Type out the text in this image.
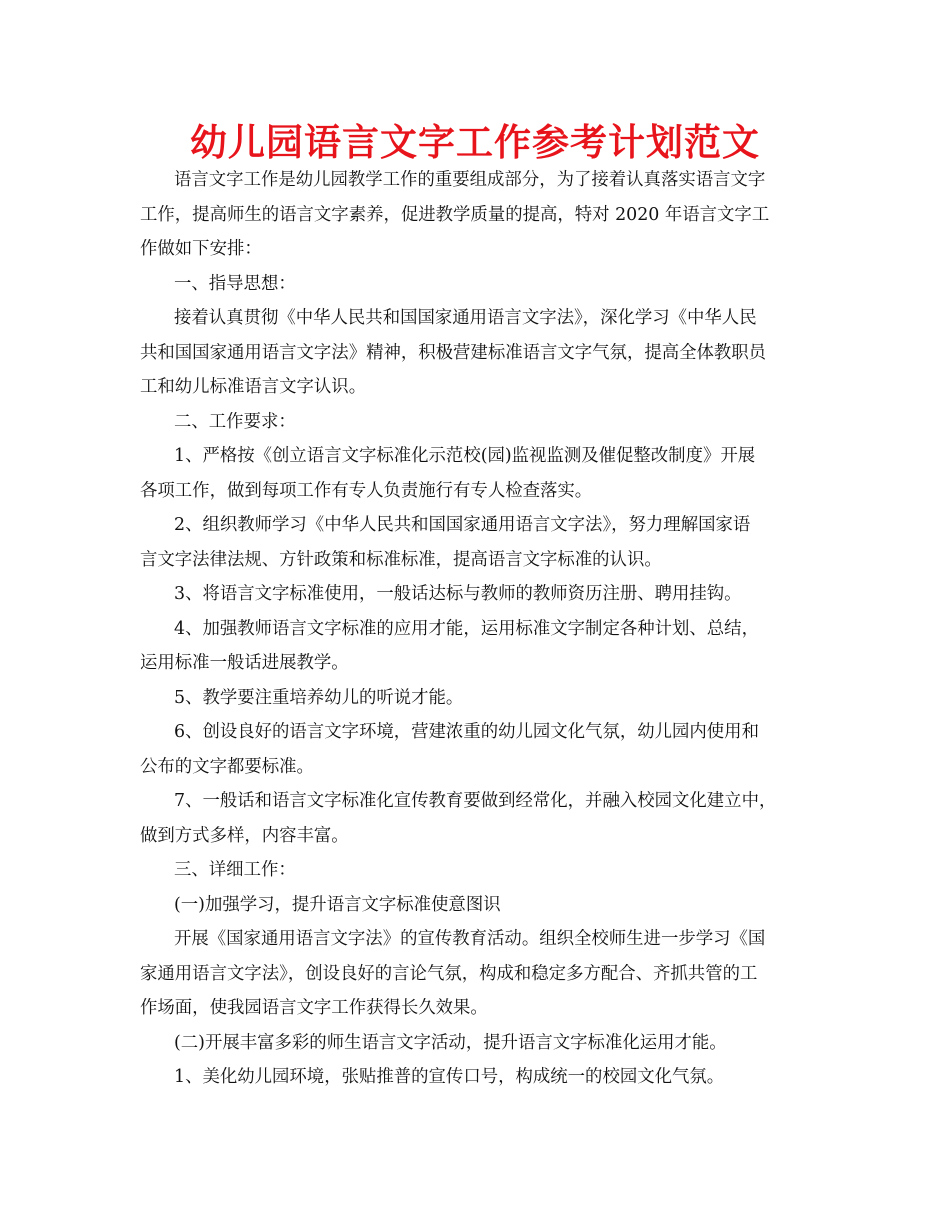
幼儿园语言文字工作参考计划范文
语言文字工作是幼儿园教学工作的重要组成部分，为了接着认真落实语言文字
工作，提高师生的语言文字素养，促进教学质量的提高，特对 2020 年语言文字工
作做如下安排：
一、指导思想：
接着认真贯彻《中华人民共和国国家通用语言文字法》，深化学习《中华人民
共和国国家通用语言文字法》精神，积极营建标准语言文字气氛，提高全体教职员
工和幼儿标准语言文字认识。
二、工作要求：
1、严格按《创立语言文字标准化示范校(园)监视监测及催促整改制度》开展
各项工作，做到每项工作有专人负责施行有专人检查落实。
2、组织教师学习《中华人民共和国国家通用语言文字法》，努力理解国家语
言文字法律法规、方针政策和标准标准，提高语言文字标准的认识。
3、将语言文字标准使用，一般话达标与教师的教师资历注册、聘用挂钩。
4、加强教师语言文字标准的应用才能，运用标准文字制定各种计划、总结，
运用标准一般话进展教学。
5、教学要注重培养幼儿的听说才能。
6、创设良好的语言文字环境，营建浓重的幼儿园文化气氛，幼儿园内使用和
公布的文字都要标准。
7、一般话和语言文字标准化宣传教育要做到经常化，并融入校园文化建立中，
做到方式多样，内容丰富。
三、详细工作：
(一)加强学习，提升语言文字标准使意图识
开展《国家通用语言文字法》的宣传教育活动。组织全校师生进一步学习《国
家通用语言文字法》，创设良好的言论气氛，构成和稳定多方配合、齐抓共管的工
作场面，使我园语言文字工作获得长久效果。
(二)开展丰富多彩的师生语言文字活动，提升语言文字标准化运用才能。
1、美化幼儿园环境，张贴推普的宣传口号，构成统一的校园文化气氛。
